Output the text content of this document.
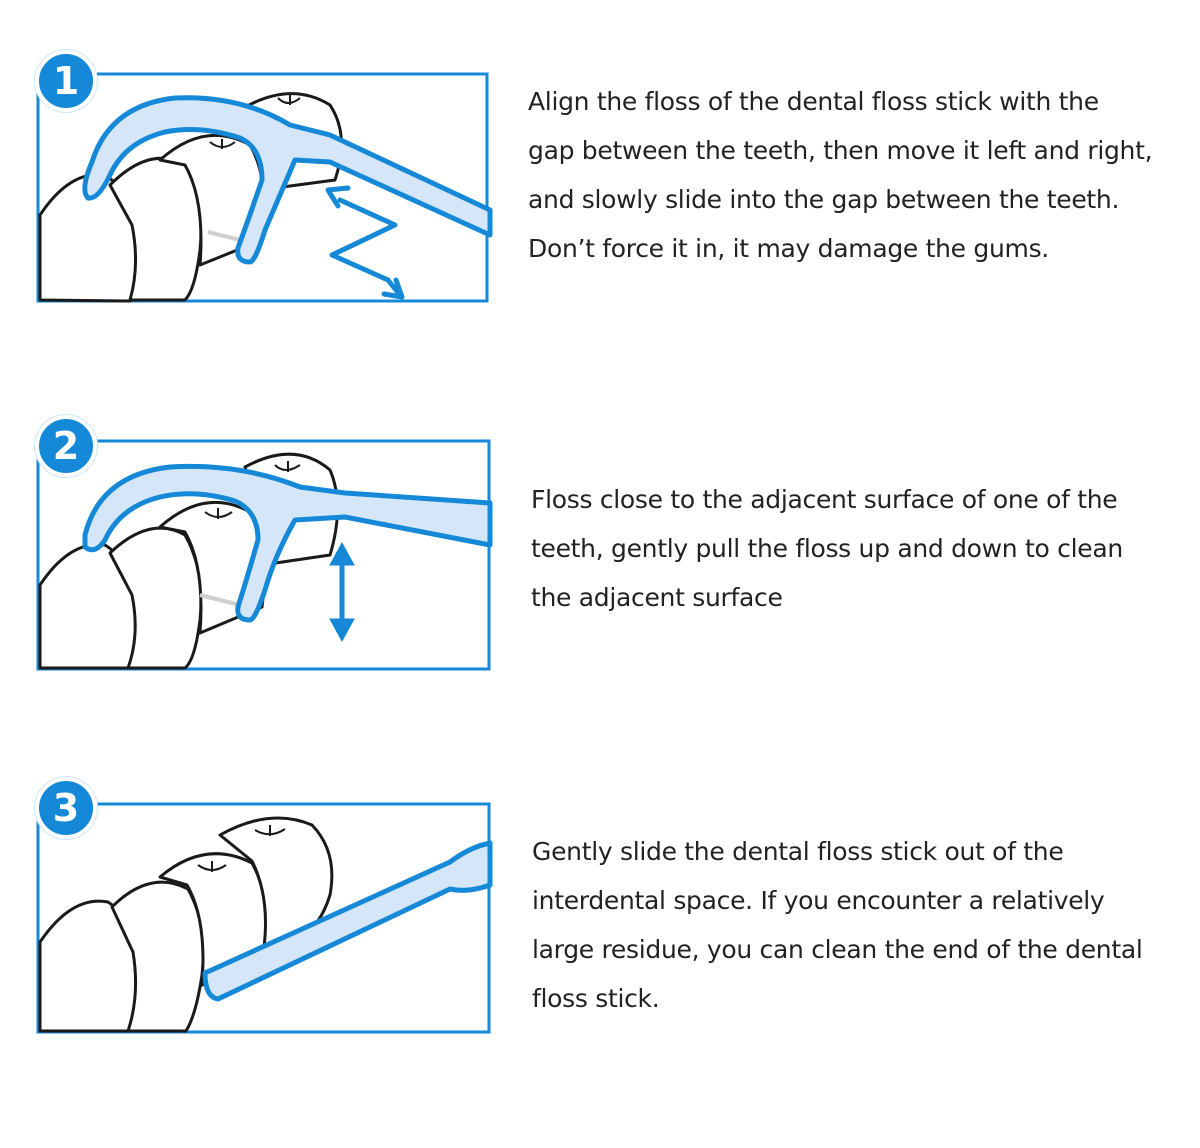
1	Align the floss of the dental floss stick with the
gap between the teeth, then move it left and right,
and slowly slide into the gap between the teeth.
Don’t force it in, it may damage the gums.
2
Floss close to the adjacent surface of one of the
teeth, gently pull the floss up and down to clean
the adjacent surface
3
Gently slide the dental floss stick out of the
interdental space. If you encounter a relatively
large residue, you can clean the end of the dental
floss stick.
